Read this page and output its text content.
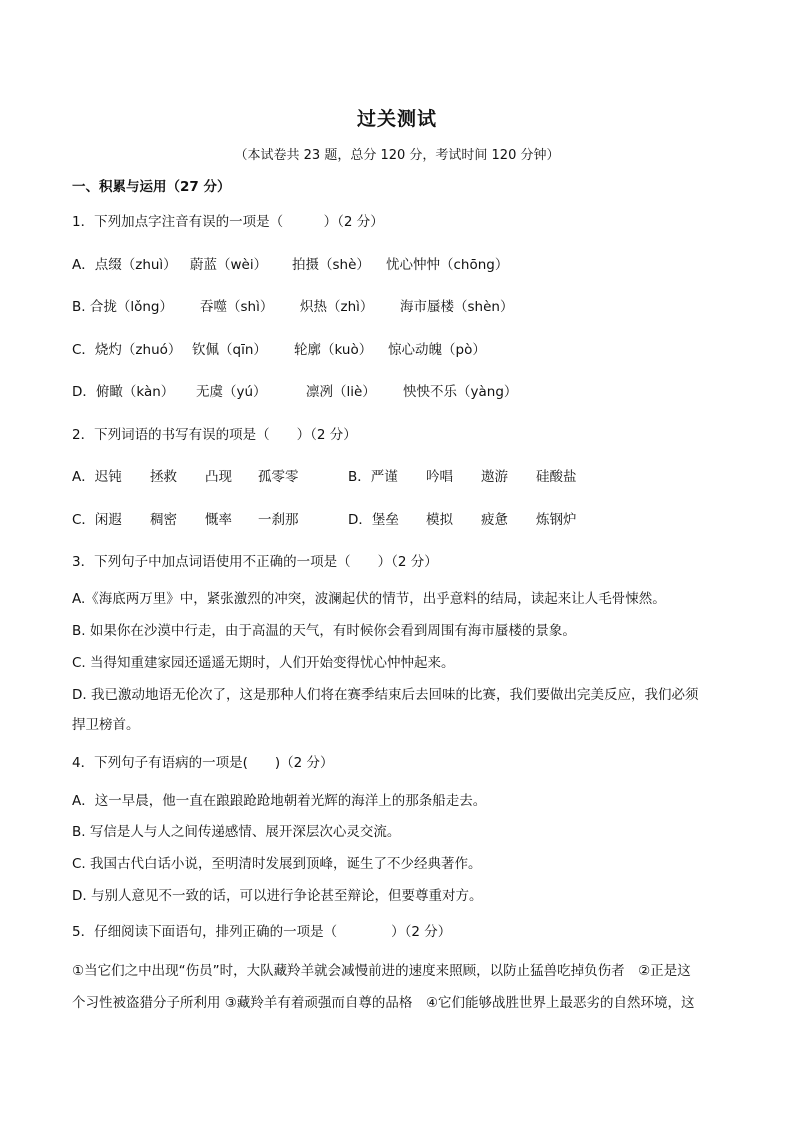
过关测试
（本试卷共 23 题，总分 120 分，考试时间 120 分钟）
一、积累与运用（27 分）
1．下列加点字注音有误的一项是（　　　）（2 分）
A．点缀（zhuì） 蔚蓝（wèi） 拍摄（shè） 忧心忡忡（chōng）
B. 合拢（lǒng） 吞噬（shì） 炽热（zhì） 海市蜃楼（shèn）
C．烧灼（zhuó） 钦佩（qīn） 轮廓（kuò） 惊心动魄（pò）
D．俯瞰（kàn） 无虞（yú）	凛冽（liè） 怏怏不乐（yàng）
2．下列词语的书写有误的项是（　　）（2 分）
A．迟钝 拯救 凸现 孤零零	B．严谨 吟唱 遨游 硅酸盐
C．闲遐 稠密 慨率 一刹那	D．堡垒 模拟 疲惫 炼钢炉
3．下列句子中加点词语使用不正确的一项是（　　）（2 分）
A.《海底两万里》中，紧张激烈的冲突，波澜起伏的情节，出乎意料的结局，读起来让人毛骨悚然。
B. 如果你在沙漠中行走，由于高温的天气，有时候你会看到周围有海市蜃楼的景象。
C. 当得知重建家园还遥遥无期时，人们开始变得忧心忡忡起来。
D. 我已激动地语无伦次了，这是那种人们将在赛季结束后去回味的比赛，我们要做出完美反应，我们必须
捍卫榜首。
4．下列句子有语病的一项是(　　)（2 分）
A．这一早晨，他一直在踉踉跄跄地朝着光辉的海洋上的那条船走去。
B. 写信是人与人之间传递感情、展开深层次心灵交流。
C. 我国古代白话小说，至明清时发展到顶峰，诞生了不少经典著作。
D. 与别人意见不一致的话，可以进行争论甚至辩论，但要尊重对方。
5．仔细阅读下面语句，排列正确的一项是（　　　　）（2 分）
①当它们之中出现“伤员”时，大队藏羚羊就会减慢前进的速度来照顾，以防止猛兽吃掉负伤者　②正是这
个习性被盗猎分子所利用 ③藏羚羊有着顽强而自尊的品格　④它们能够战胜世界上最恶劣的自然环境，这
